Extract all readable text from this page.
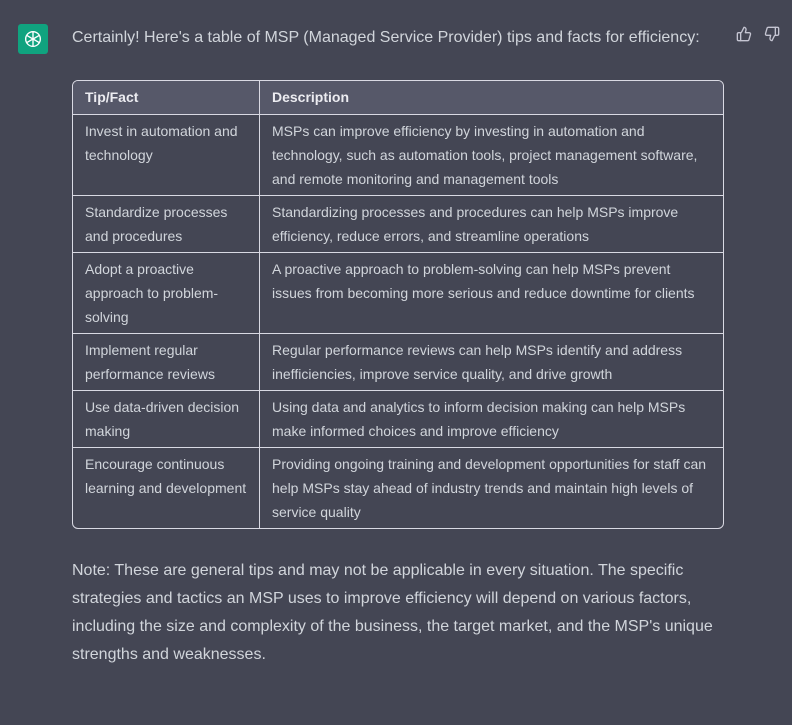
Certainly! Here's a table of MSP (Managed Service Provider) tips and facts for efficiency:

Tip/Fact	Description
Invest in automation and technology	MSPs can improve efficiency by investing in automation and technology, such as automation tools, project management software, and remote monitoring and management tools
Standardize processes and procedures	Standardizing processes and procedures can help MSPs improve efficiency, reduce errors, and streamline operations
Adopt a proactive approach to problem-solving	A proactive approach to problem-solving can help MSPs prevent issues from becoming more serious and reduce downtime for clients
Implement regular performance reviews	Regular performance reviews can help MSPs identify and address inefficiencies, improve service quality, and drive growth
Use data-driven decision making	Using data and analytics to inform decision making can help MSPs make informed choices and improve efficiency
Encourage continuous learning and development	Providing ongoing training and development opportunities for staff can help MSPs stay ahead of industry trends and maintain high levels of service quality

Note: These are general tips and may not be applicable in every situation. The specific strategies and tactics an MSP uses to improve efficiency will depend on various factors, including the size and complexity of the business, the target market, and the MSP's unique strengths and weaknesses.
